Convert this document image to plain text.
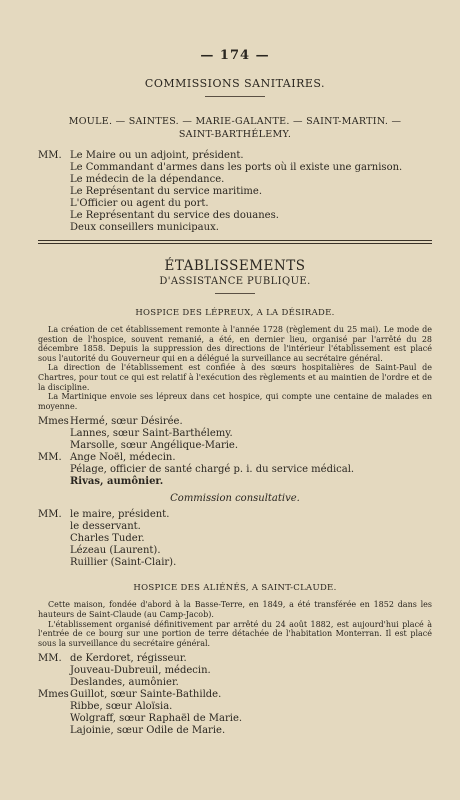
— 174 —
COMMISSIONS SANITAIRES.
MOULE. — SAINTES. — MARIE-GALANTE. — SAINT-MARTIN. —
SAINT-BARTHÉLEMY.
MM. Le Maire ou un adjoint, président.
Le Commandant d'armes dans les ports où il existe une garnison.
Le médecin de la dépendance.
Le Représentant du service maritime.
L'Officier ou agent du port.
Le Représentant du service des douanes.
Deux conseillers municipaux.
ÉTABLISSEMENTS
D'ASSISTANCE PUBLIQUE.
HOSPICE DES LÉPREUX, A LA DÉSIRADE.

La création de cet établissement remonte à l'année 1728 (règlement du 25 mai). Le mode de gestion de l'hospice, souvent remanié, a été, en dernier lieu, organisé par l'arrêté du 28 décembre 1858. Depuis la suppression des directions de l'intérieur l'établissement est placé sous l'autorité du Gouverneur qui en a délégué la surveillance au secrétaire général.

La direction de l'établissement est confiée à des sœurs hospitalières de Saint-Paul de Chartres, pour tout ce qui est relatif à l'exécution des règlements et au maintien de l'ordre et de la discipline.

La Martinique envoie ses lépreux dans cet hospice, qui compte une centaine de malades en moyenne.

Mmes Hermé, sœur Désirée.
Lannes, sœur Saint-Barthélemy.
Marsolle, sœur Angélique-Marie.
MM. Ange Noël, médecin.
Pélage, officier de santé chargé p. i. du service médical.
Rivas, aumônier.
Commission consultative.
MM. le maire, président.
le desservant.
Charles Tuder.
Lézeau (Laurent).
Ruillier (Saint-Clair).
HOSPICE DES ALIÉNÉS, A SAINT-CLAUDE.

Cette maison, fondée d'abord à la Basse-Terre, en 1849, a été transférée en 1852 dans les hauteurs de Saint-Claude (au Camp-Jacob).

L'établissement organisé définitivement par arrêté du 24 août 1882, est aujourd'hui placé à l'entrée de ce bourg sur une portion de terre détachée de l'habitation Monterran. Il est placé sous la surveillance du secrétaire général.

MM. de Kerdoret, régisseur.
Jouveau-Dubreuil, médecin.
Deslandes, aumônier.
Mmes Guillot, sœur Sainte-Bathilde.
Ribbe, sœur Aloïsia.
Wolgraff, sœur Raphaël de Marie.
Lajoinie, sœur Odile de Marie.
